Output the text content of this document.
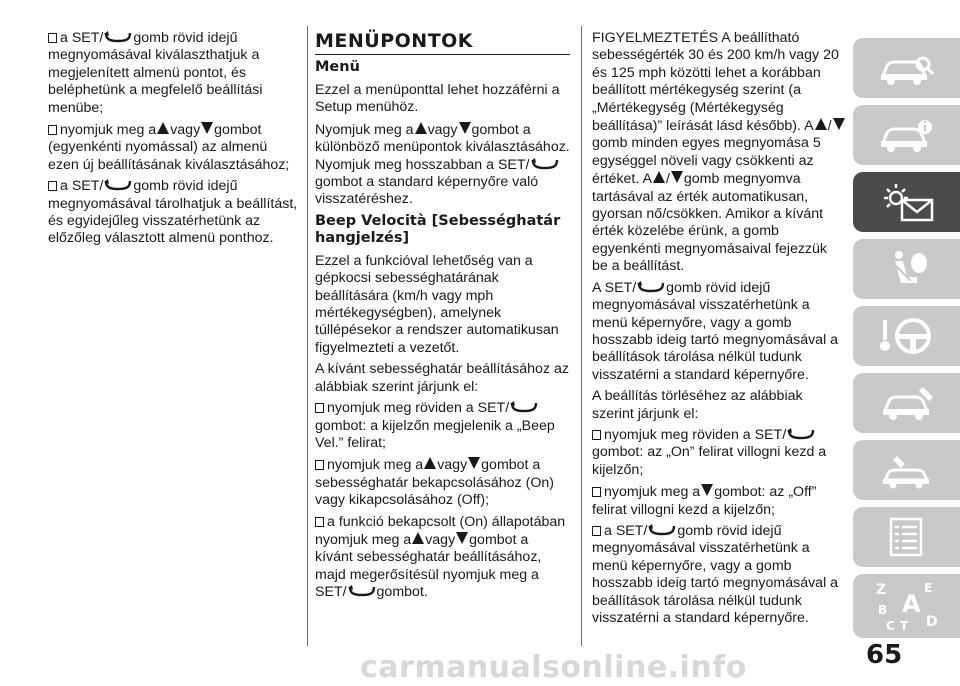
a SET/ gomb rövid idejű megnyomásával kiválaszthatjuk a megjelenített almenü pontot, és beléphetünk a megfelelő beállítási menübe;

nyomjuk meg a vagy gombot (egyenkénti nyomással) az almenü ezen új beállításának kiválasztásához;

a SET/ gomb rövid idejű megnyomásával tárolhatjuk a beállítást, és egyidejűleg visszatérhetünk az előzőleg választott almenü ponthoz.

MENÜPONTOK
Menü

Ezzel a menüponttal lehet hozzáférni a Setup menühöz.

Nyomjuk meg a vagy gombot a különböző menüpontok kiválasztásához. Nyomjuk meg hosszabban a SET/
gombot a standard képernyőre való visszatéréshez.

Beep Velocità [Sebességhatár hangjelzés]

Ezzel a funkcióval lehetőség van a gépkocsi sebességhatárának beállítására (km/h vagy mph mértékegységben), amelynek túllépésekor a rendszer automatikusan figyelmezteti a vezetőt.

A kívánt sebességhatár beállításához az alábbiak szerint járjunk el:

nyomjuk meg röviden a SET/
gombot: a kijelzőn megjelenik a „Beep Vel.” felirat;

nyomjuk meg a vagy gombot a sebességhatár bekapcsolásához (On) vagy kikapcsolásához (Off);

a funkció bekapcsolt (On) állapotában nyomjuk meg a vagy gombot a kívánt sebességhatár beállításához, majd megerősítésül nyomjuk meg a SET/ gombot.

FIGYELMEZTETÉS A beállítható sebességérték 30 és 200 km/h vagy 20 és 125 mph közötti lehet a korábban beállított mértékegység szerint (a „Mértékegység (Mértékegység beállítása)” leírását lásd később). A /
gomb minden egyes megnyomása 5 egységgel növeli vagy csökkenti az értéket. A / gomb megnyomva tartásával az érték automatikusan, gyorsan nő/csökken. Amikor a kívánt érték közelébe érünk, a gomb egyenkénti megnyomásaival fejezzük be a beállítást.

A SET/ gomb rövid idejű megnyomásával visszatérhetünk a menü képernyőre, vagy a gomb hosszabb ideig tartó megnyomásával a beállítások tárolása nélkül tudunk visszatérni a standard képernyőre.

A beállítás törléséhez az alábbiak szerint járjunk el:

nyomjuk meg röviden a SET/
gombot: az „On” felirat villogni kezd a kijelzőn;

nyomjuk meg a gombot: az „Off” felirat villogni kezd a kijelzőn;

a SET/ gomb rövid idejű megnyomásával visszatérhetünk a menü képernyőre, vagy a gomb hosszabb ideig tartó megnyomásával a beállítások tárolása nélkül tudunk visszatérni a standard képernyőre.

Z	E
A
B
C D
T
65
carmanualsonline.info
